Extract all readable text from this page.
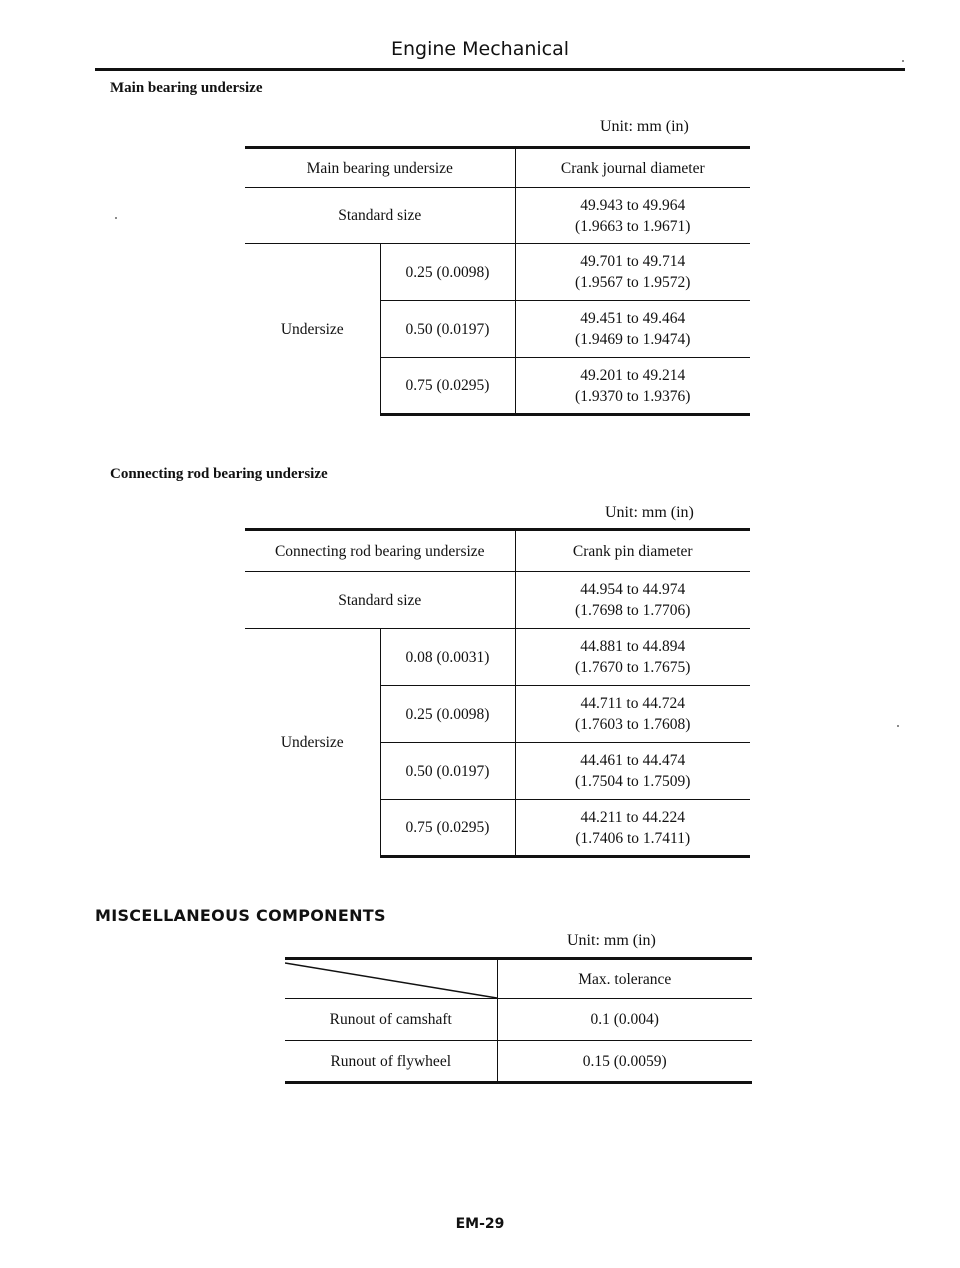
Engine Mechanical
Main bearing undersize
Unit: mm (in)
Main bearing undersize		Crank journal diameter
Standard size		49.943 to 49.964
(1.9663 to 1.9671)

Undersize	0.25 (0.0098)	49.701 to 49.714
(1.9567 to 1.9572)

	0.50 (0.0197)	49.451 to 49.464
(1.9469 to 1.9474)

	0.75 (0.0295)	49.201 to 49.214
(1.9370 to 1.9376)
Connecting rod bearing undersize
Unit: mm (in)
Connecting rod bearing undersize		Crank pin diameter
Standard size		44.954 to 44.974
(1.7698 to 1.7706)

Undersize	0.08 (0.0031)	44.881 to 44.894
(1.7670 to 1.7675)

	0.25 (0.0098)	44.711 to 44.724
(1.7603 to 1.7608)

	0.50 (0.0197)	44.461 to 44.474
(1.7504 to 1.7509)

	0.75 (0.0295)	44.211 to 44.224
(1.7406 to 1.7411)
MISCELLANEOUS COMPONENTS
Unit: mm (in)
	Max. tolerance
Runout of camshaft	0.1 (0.004)
Runout of flywheel	0.15 (0.0059)
EM-29
